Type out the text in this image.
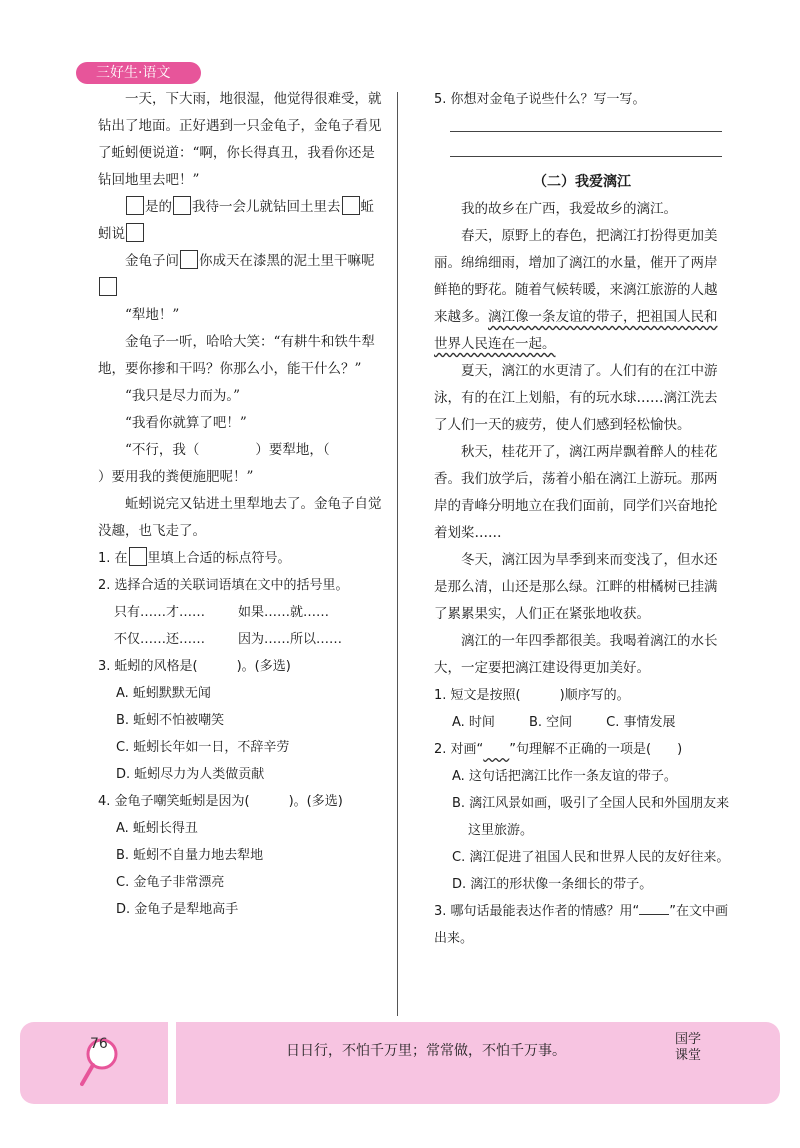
三好生·语文

一天，下大雨，地很湿，他觉得很难受，就钻出了地面。正好遇到一只金龟子，金龟子看见了蚯蚓便说道：“啊，你长得真丑，我看你还是钻回地里去吧！”

是的 我待一会儿就钻回土里去 蚯蚓说

金龟子问 你成天在漆黑的泥土里干嘛呢

“犁地！”

金龟子一听，哈哈大笑：“有耕牛和铁牛犁地，要你掺和干吗？你那么小，能干什么？”

“我只是尽力而为。”

“我看你就算了吧！”

“不行，我（	）要犁地，（）要用我的粪便施肥呢！”

蚯蚓说完又钻进土里犁地去了。金龟子自觉没趣，也飞走了。

1. 在 里填上合适的标点符号。

2. 选择合适的关联词语填在文中的括号里。

只有……才……	如果……就……
不仅……还……	因为……所以……

3. 蚯蚓的风格是(　　　)。(多选)

A. 蚯蚓默默无闻

B. 蚯蚓不怕被嘲笑

C. 蚯蚓长年如一日，不辞辛劳

D. 蚯蚓尽力为人类做贡献

4. 金龟子嘲笑蚯蚓是因为(　　　)。(多选)

A. 蚯蚓长得丑

B. 蚯蚓不自量力地去犁地

C. 金龟子非常漂亮

D. 金龟子是犁地高手

5. 你想对金龟子说些什么？写一写。

（二）我爱漓江

我的故乡在广西，我爱故乡的漓江。

春天，原野上的春色，把漓江打扮得更加美丽。绵绵细雨，增加了漓江的水量，催开了两岸鲜艳的野花。随着气候转暖，来漓江旅游的人越来越多。漓江像一条友谊的带子，把祖国人民和世界人民连在一起。

夏天，漓江的水更清了。人们有的在江中游泳，有的在江上划船，有的玩水球……漓江洗去了人们一天的疲劳，使人们感到轻松愉快。

秋天，桂花开了，漓江两岸飘着醉人的桂花香。我们放学后，荡着小船在漓江上游玩。那两岸的青峰分明地立在我们面前，同学们兴奋地抡着划桨……

冬天，漓江因为旱季到来而变浅了，但水还是那么清，山还是那么绿。江畔的柑橘树已挂满了累累果实，人们正在紧张地收获。

漓江的一年四季都很美。我喝着漓江的水长大，一定要把漓江建设得更加美好。

1. 短文是按照(　　　)顺序写的。

A. 时间	B. 空间	C. 事情发展

2. 对画“　　 ”句理解不正确的一项是(　　)

A. 这句话把漓江比作一条友谊的带子。

B. 漓江风景如画，吸引了全国人民和外国朋友来这里旅游。

C. 漓江促进了祖国人民和世界人民的友好往来。

D. 漓江的形状像一条细长的带子。

3. 哪句话最能表达作者的情感？用“ ”在文中画出来。

76	日日行，不怕千万里；常常做，不怕千万事。
国学
课堂
